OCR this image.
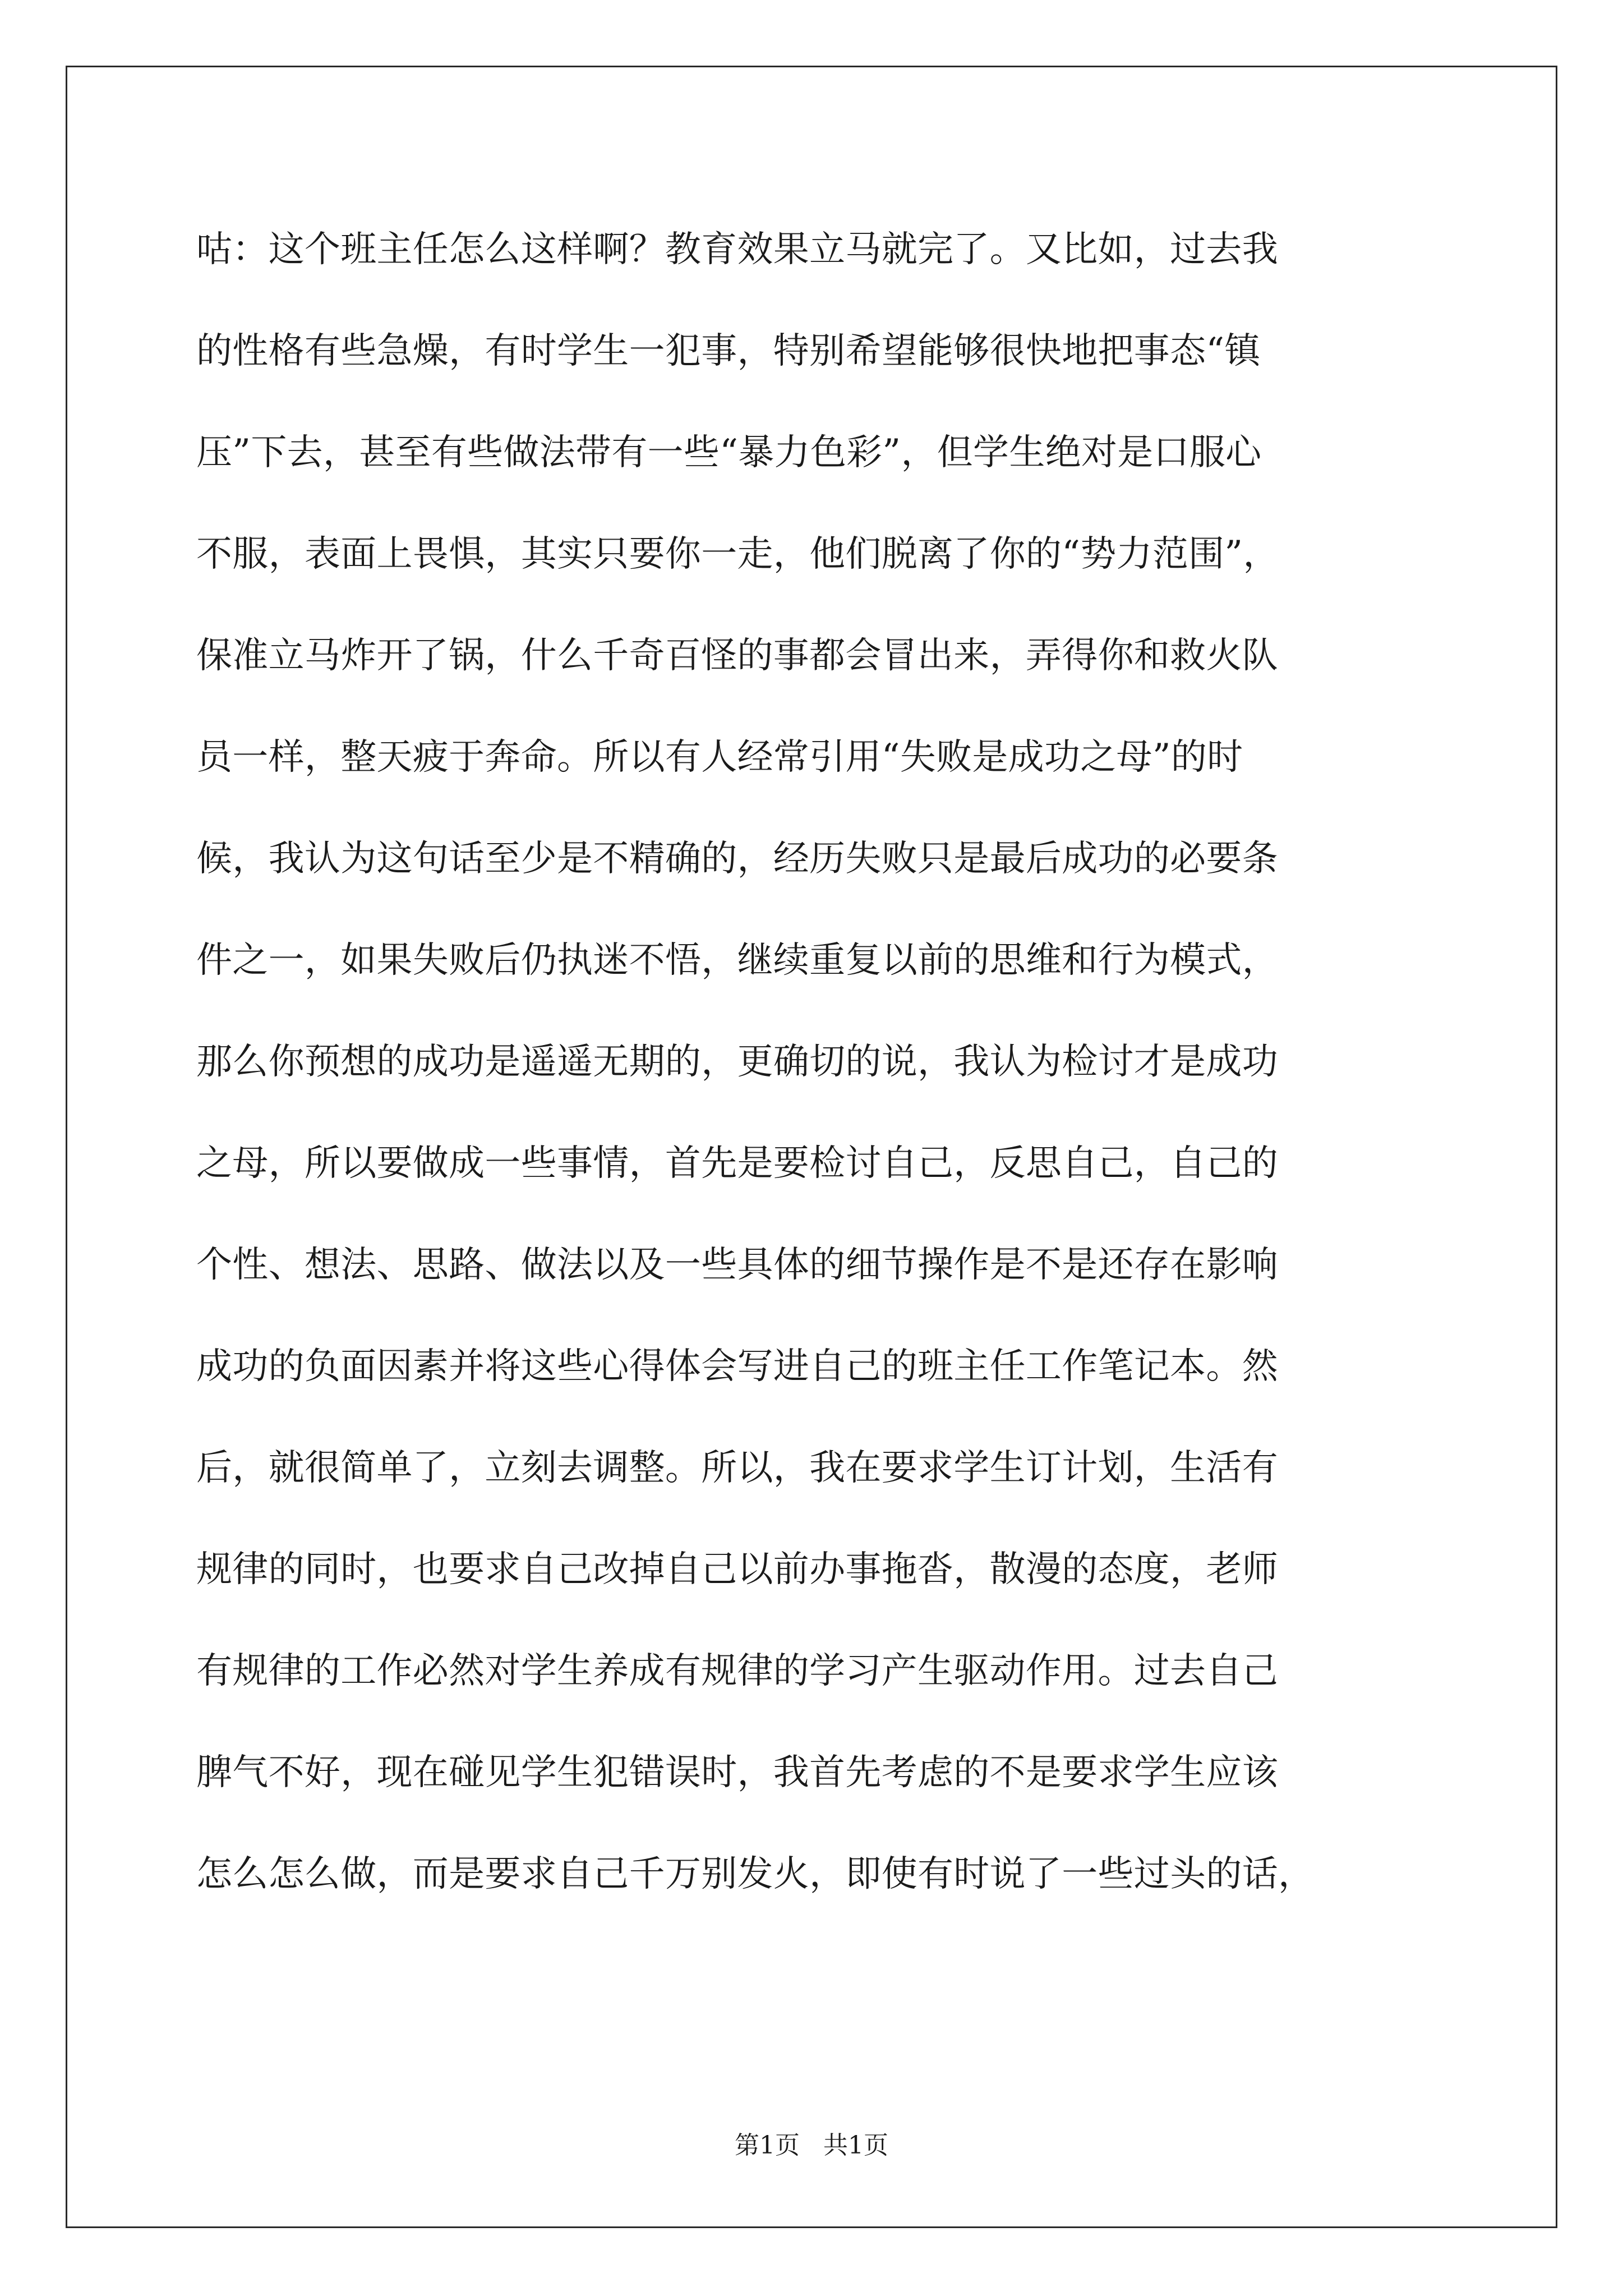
咕：这个班主任怎么这样啊？教育效果立马就完了。又比如，过去我
的性格有些急燥，有时学生一犯事，特别希望能够很快地把事态“镇
压”下去，甚至有些做法带有一些“暴力色彩”，但学生绝对是口服心
不服，表面上畏惧，其实只要你一走，他们脱离了你的“势力范围”，
保准立马炸开了锅，什么千奇百怪的事都会冒出来，弄得你和救火队
员一样，整天疲于奔命。所以有人经常引用“失败是成功之母”的时
候，我认为这句话至少是不精确的，经历失败只是最后成功的必要条
件之一，如果失败后仍执迷不悟，继续重复以前的思维和行为模式，
那么你预想的成功是遥遥无期的，更确切的说，我认为检讨才是成功
之母，所以要做成一些事情，首先是要检讨自己，反思自己，自己的
个性、想法、思路、做法以及一些具体的细节操作是不是还存在影响
成功的负面因素并将这些心得体会写进自己的班主任工作笔记本。然
后，就很简单了，立刻去调整。所以，我在要求学生订计划，生活有
规律的同时，也要求自己改掉自己以前办事拖沓，散漫的态度，老师
有规律的工作必然对学生养成有规律的学习产生驱动作用。过去自己
脾气不好，现在碰见学生犯错误时，我首先考虑的不是要求学生应该
怎么怎么做，而是要求自己千万别发火，即使有时说了一些过头的话，
第1页   共1页
